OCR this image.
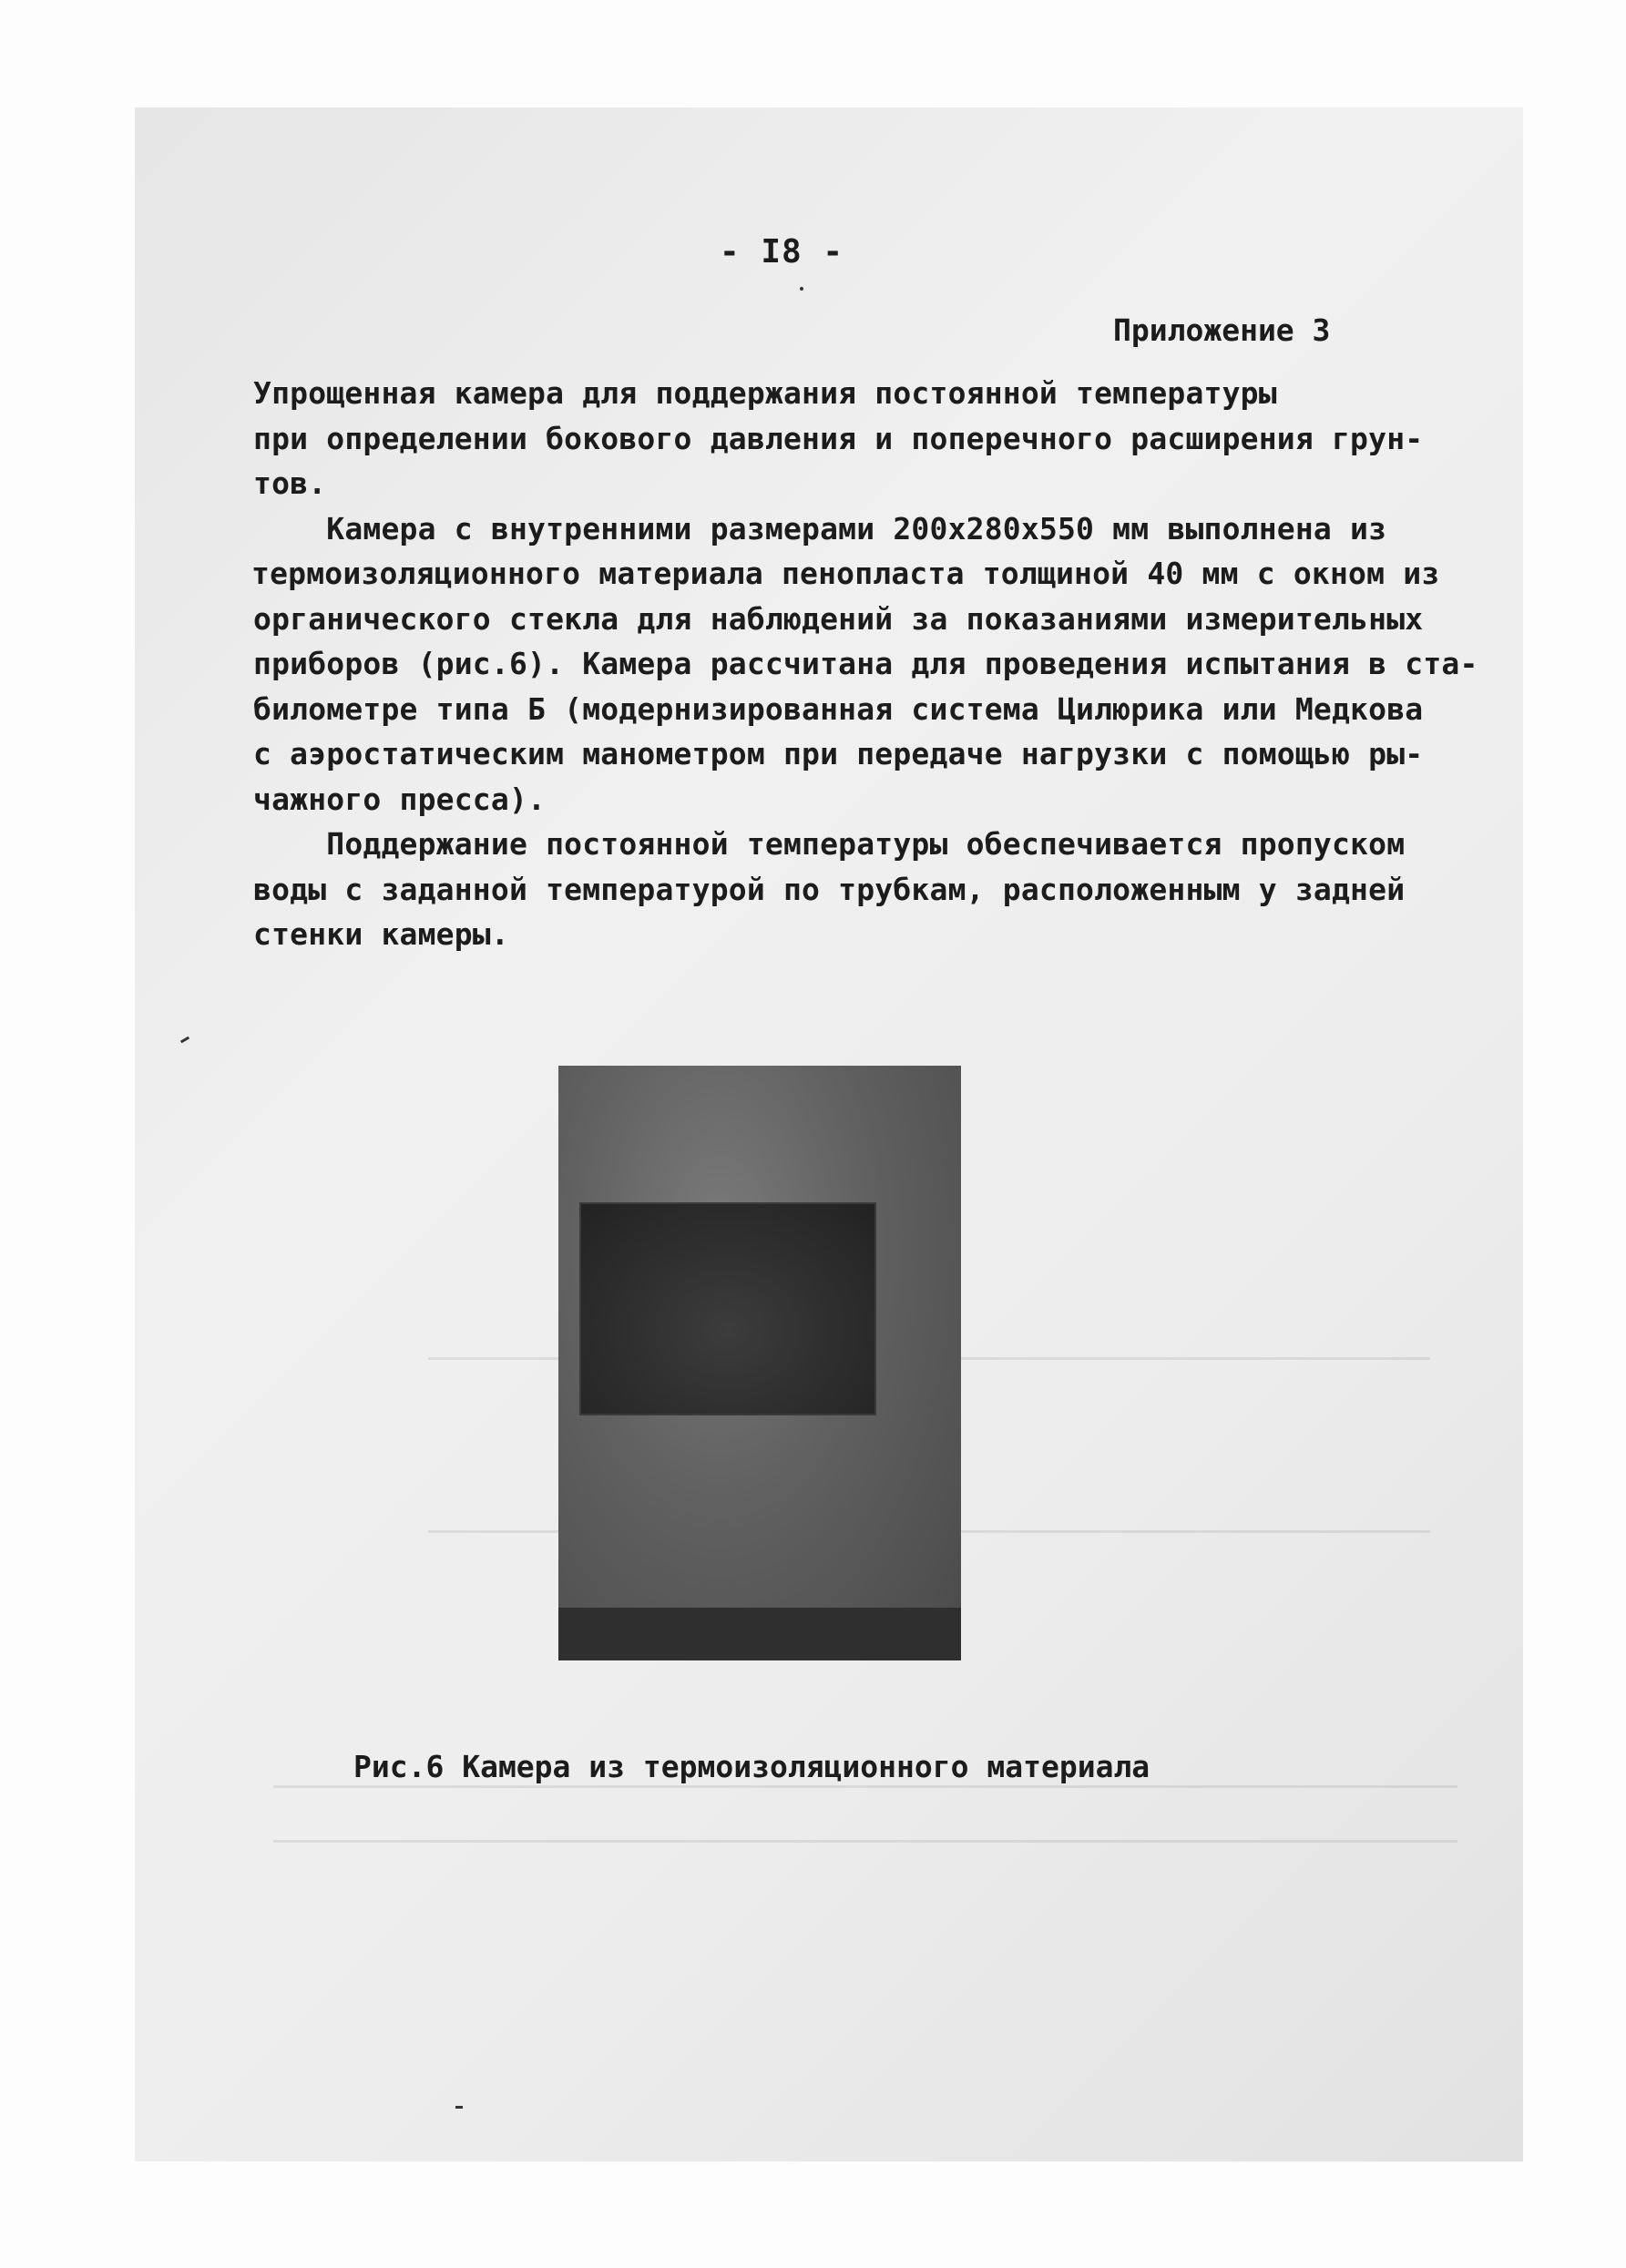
- I8 -
Приложение 3
Упрощенная камера для поддержания постоянной температуры
при определении бокового давления и поперечного расширения грун-
тов.
Камера с внутренними размерами 200x280x550 мм выполнена из
термоизоляционного материала пенопласта толщиной 40 мм с окном из
органического стекла для наблюдений за показаниями измерительных
приборов (рис.6). Камера рассчитана для проведения испытания в ста-
билометре типа Б (модернизированная система Цилюрика или Медкова
с аэростатическим манометром при передаче нагрузки с помощью ры-
чажного пресса).
Поддержание постоянной температуры обеспечивается пропуском
воды с заданной температурой по трубкам, расположенным у задней
стенки камеры.
Рис.6 Камера из термоизоляционного материала
